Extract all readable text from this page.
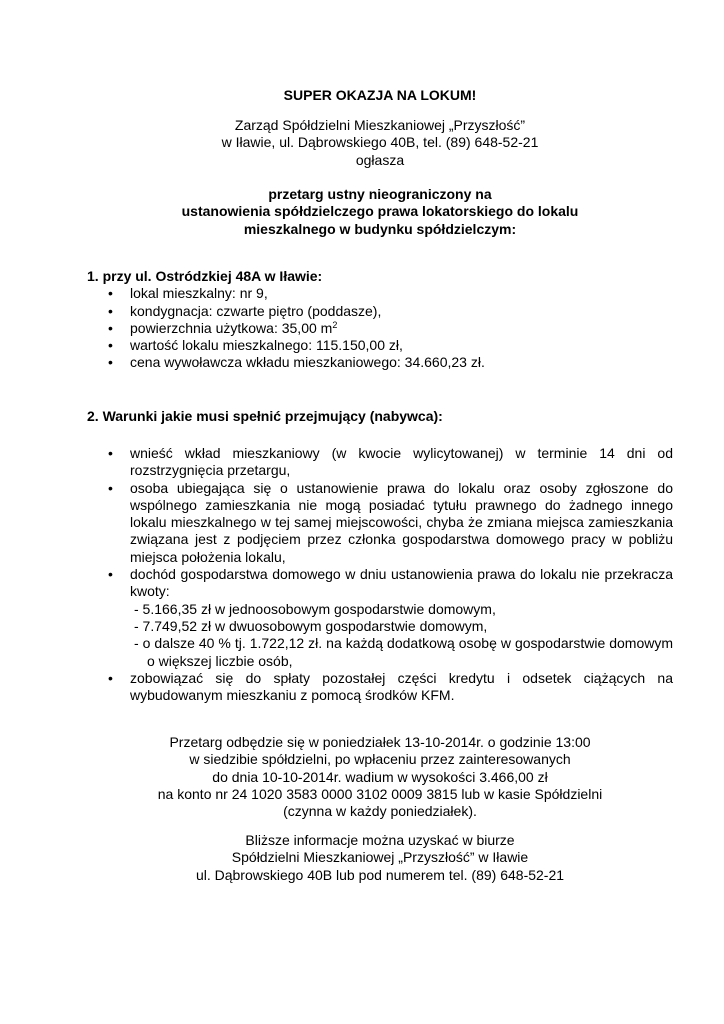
SUPER OKAZJA NA LOKUM!
Zarząd Spółdzielni Mieszkaniowej „Przyszłość”
w Iławie, ul. Dąbrowskiego 40B, tel. (89) 648-52-21
ogłasza
przetarg ustny nieograniczony na
ustanowienia spółdzielczego prawa lokatorskiego do lokalu
mieszkalnego w budynku spółdzielczym:
1. przy ul. Ostródzkiej 48A w Iławie:
• lokal mieszkalny: nr 9,
• kondygnacja: czwarte piętro (poddasze),
• powierzchnia użytkowa: 35,00 $m^2$
• wartość lokalu mieszkalnego: 115.150,00 zł,
• cena wywoławcza wkładu mieszkaniowego: 34.660,23 zł.
2. Warunki jakie musi spełnić przejmujący (nabywca):
• wnieść wkład mieszkaniowy (w kwocie wylicytowanej) w terminie 14 dni od rozstrzygnięcia przetargu,
• osoba ubiegająca się o ustanowienie prawa do lokalu oraz osoby zgłoszone do wspólnego zamieszkania nie mogą posiadać tytułu prawnego do żadnego innego lokalu mieszkalnego w tej samej miejscowości, chyba że zmiana miejsca zamieszkania związana jest z podjęciem przez członka gospodarstwa domowego pracy w pobliżu miejsca położenia lokalu,
• dochód gospodarstwa domowego w dniu ustanowienia prawa do lokalu nie przekracza kwoty:
- 5.166,35 zł w jednoosobowym gospodarstwie domowym,
- 7.749,52 zł w dwuosobowym gospodarstwie domowym,
- o dalsze 40 % tj. 1.722,12 zł. na każdą dodatkową osobę w gospodarstwie domowym o większej liczbie osób,
• zobowiązać się do spłaty pozostałej części kredytu i odsetek ciążących na wybudowanym mieszkaniu z pomocą środków KFM.
Przetarg odbędzie się w poniedziałek 13-10-2014r. o godzinie 13:00
w siedzibie spółdzielni, po wpłaceniu przez zainteresowanych
do dnia 10-10-2014r. wadium w wysokości 3.466,00 zł
na konto nr 24 1020 3583 0000 3102 0009 3815 lub w kasie Spółdzielni
(czynna w każdy poniedziałek).
Bliższe informacje można uzyskać w biurze
Spółdzielni Mieszkaniowej „Przyszłość” w Iławie
ul. Dąbrowskiego 40B lub pod numerem tel. (89) 648-52-21
